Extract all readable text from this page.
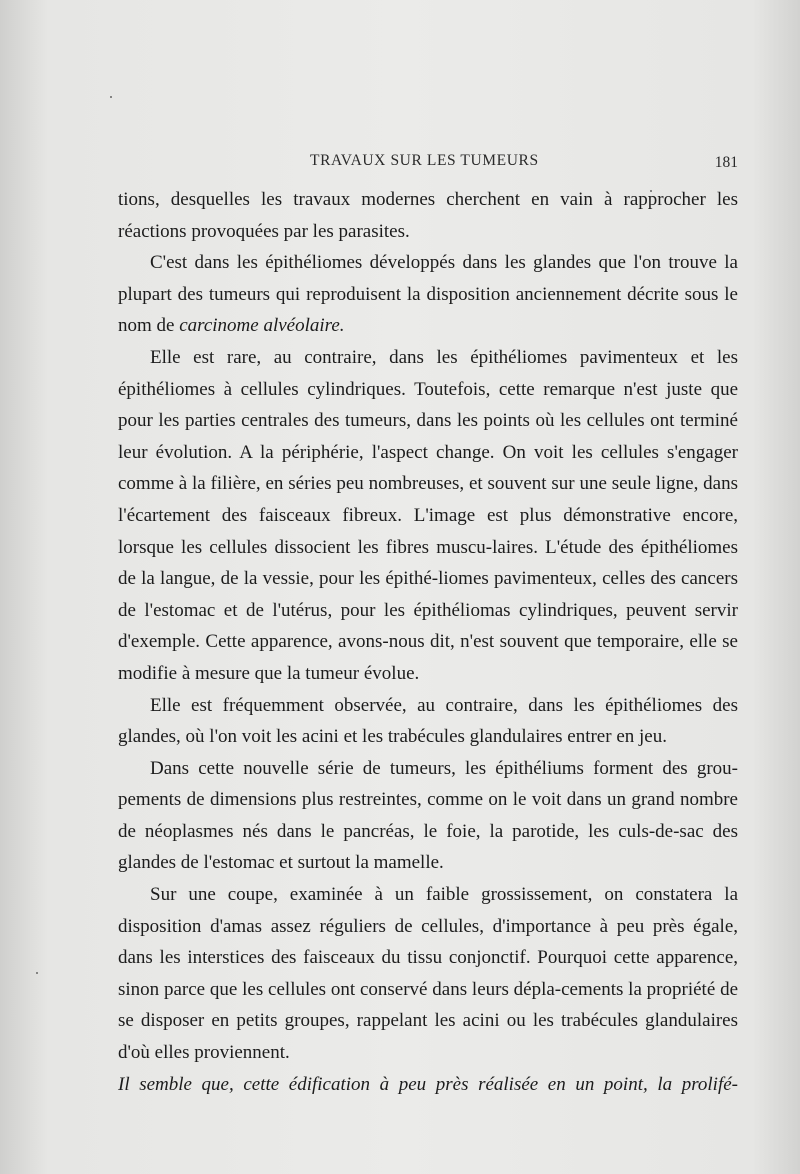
TRAVAUX SUR LES TUMEURS	181

tions, desquelles les travaux modernes cherchent en vain à rapprocher les réactions provoquées par les parasites.

C'est dans les épithéliomes développés dans les glandes que l'on trouve la plupart des tumeurs qui reproduisent la disposition anciennement décrite sous le nom de carcinome alvéolaire.

Elle est rare, au contraire, dans les épithéliomes pavimenteux et les épithéliomes à cellules cylindriques. Toutefois, cette remarque n'est juste que pour les parties centrales des tumeurs, dans les points où les cellules ont terminé leur évolution. A la périphérie, l'aspect change. On voit les cellules s'engager comme à la filière, en séries peu nombreuses, et souvent sur une seule ligne, dans l'écartement des faisceaux fibreux. L'image est plus démonstrative encore, lorsque les cellules dissocient les fibres muscu-laires. L'étude des épithéliomes de la langue, de la vessie, pour les épithé-liomes pavimenteux, celles des cancers de l'estomac et de l'utérus, pour les épithéliomas cylindriques, peuvent servir d'exemple. Cette apparence, avons-nous dit, n'est souvent que temporaire, elle se modifie à mesure que la tumeur évolue.

Elle est fréquemment observée, au contraire, dans les épithéliomes des glandes, où l'on voit les acini et les trabécules glandulaires entrer en jeu.

Dans cette nouvelle série de tumeurs, les épithéliums forment des grou-pements de dimensions plus restreintes, comme on le voit dans un grand nombre de néoplasmes nés dans le pancréas, le foie, la parotide, les culs-de-sac des glandes de l'estomac et surtout la mamelle.

Sur une coupe, examinée à un faible grossissement, on constatera la disposition d'amas assez réguliers de cellules, d'importance à peu près égale, dans les interstices des faisceaux du tissu conjonctif. Pourquoi cette apparence, sinon parce que les cellules ont conservé dans leurs dépla-cements la propriété de se disposer en petits groupes, rappelant les acini ou les trabécules glandulaires d'où elles proviennent.

Il semble que, cette édification à peu près réalisée en un point, la prolifé-
